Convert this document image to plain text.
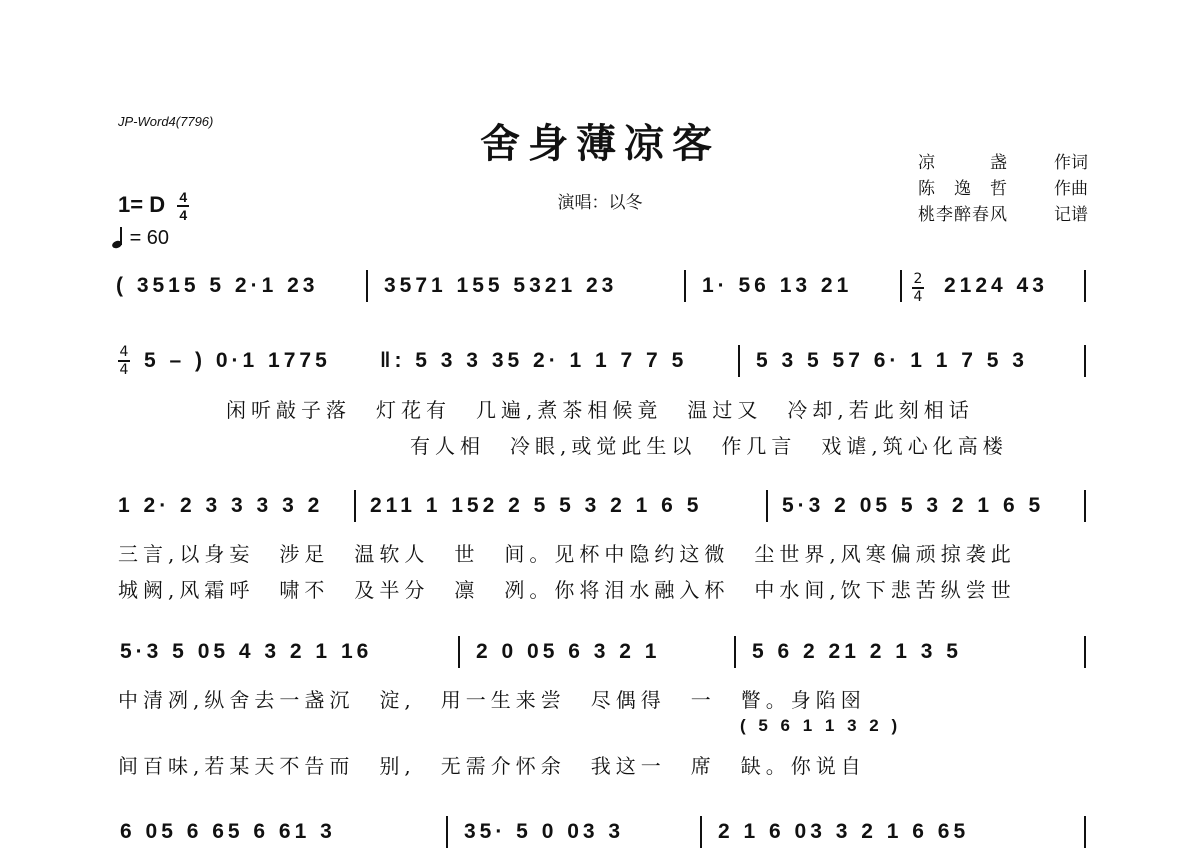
JP-Word4(7796)	舍身薄凉客
演唱：以冬
凉　　　盏	作词
陈　逸　哲	作曲
桃李醉春风	记谱
1= D $\frac{4}{4}$
= 60
( 3515 5 2·1 23	3571 155 5321 23	1· 56 13 21	2
4 2124 43
4
4 5 – ) 0·1 1775 ‖: 5 3 3 35 2· 1 1 7 7 5	5 3 5 57 6· 1 1 7 5 3
闲听敲子落　灯花有　几遍,煮茶相候竟　温过又　冷却,若此刻相话
有人相　冷眼,或觉此生以　作几言　戏谑,筑心化高楼
1 2· 2 3 3 3 3 2 211 1 152 2 5 5 3 2 1 6 5	5·3 2 05 5 3 2 1 6 5
三言,以身妄　涉足　温软人　世　间。见杯中隐约这微　尘世界,风寒偏顽掠袭此
城阙,风霜呼　啸不　及半分　凛　冽。你将泪水融入杯　中水间,饮下悲苦纵尝世
5·3 5 05 4 3 2 1 16	2 0 05 6 3 2 1	5 6 2 21 2 1 3 5
中清冽,纵舍去一盏沉　淀,　用一生来尝　尽偶得　一　瞥。身陷囹
( 5 6 1 1 3 2 )
间百味,若某天不告而　别,　无需介怀余　我这一　席　缺。你说自
6 05 6 65 6 61 3	35· 5 0 03 3	2 1 6 03 3 2 1 6 65
